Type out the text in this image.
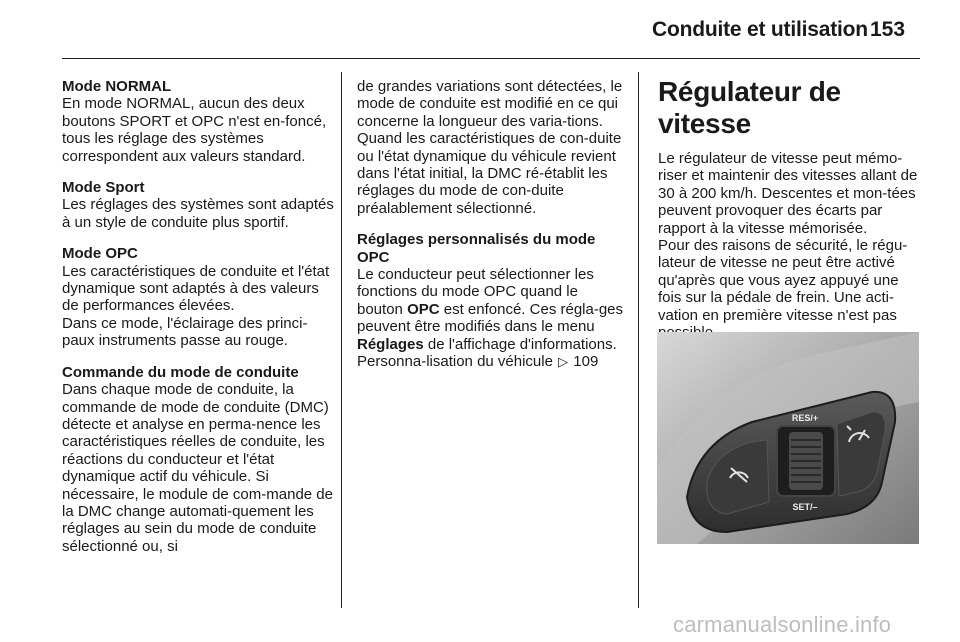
Conduite et utilisation 153

Mode NORMAL

En mode NORMAL, aucun des deux boutons SPORT et OPC n'est en-foncé, tous les réglage des systèmes correspondent aux valeurs standard.

Mode Sport

Les réglages des systèmes sont adaptés à un style de conduite plus sportif.

Mode OPC

Les caractéristiques de conduite et l'état dynamique sont adaptés à des valeurs de performances élevées.

Dans ce mode, l'éclairage des princi-paux instruments passe au rouge.

Commande du mode de conduite

Dans chaque mode de conduite, la commande de mode de conduite (DMC) détecte et analyse en perma-nence les caractéristiques réelles de conduite, les réactions du conducteur et l'état dynamique actif du véhicule. Si nécessaire, le module de com-mande de la DMC change automati-quement les réglages au sein du mode de conduite sélectionné ou, si

de grandes variations sont détectées, le mode de conduite est modifié en ce qui concerne la longueur des varia-tions.

Quand les caractéristiques de con-duite ou l'état dynamique du véhicule revient dans l'état initial, la DMC ré-établit les réglages du mode de con-duite préalablement sélectionné.

Réglages personnalisés du mode OPC

Le conducteur peut sélectionner les fonctions du mode OPC quand le bouton OPC est enfoncé. Ces régla-ges peuvent être modifiés dans le menu Réglages de l'affichage d'informations. Personna-lisation du véhicule ▷ 109

Régulateur de vitesse

Le régulateur de vitesse peut mémo-riser et maintenir des vitesses allant de 30 à 200 km/h. Descentes et mon-tées peuvent provoquer des écarts par rapport à la vitesse mémorisée.

Pour des raisons de sécurité, le régu-lateur de vitesse ne peut être activé qu'après que vous ayez appuyé une fois sur la pédale de frein. Une acti-vation en première vitesse n'est pas

RES/+
SET/–
carmanualsonline.info
